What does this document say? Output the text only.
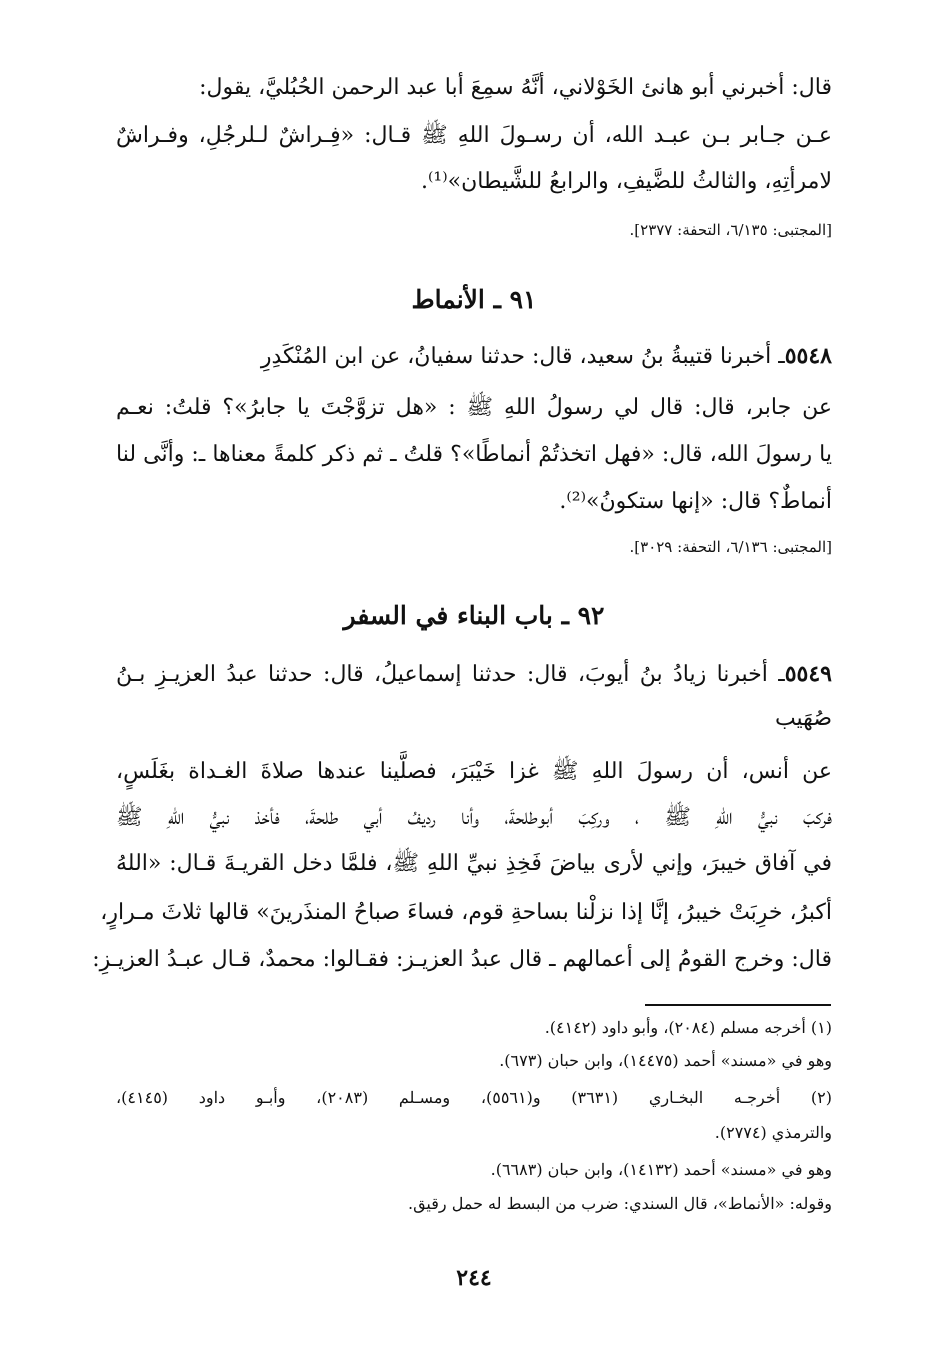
قال: أخبرني أبو هانئ الخَوْلاني، أنَّهُ سمِعَ أبا عبد الرحمن الحُبُليَّ، يقول:
عـن جـابر بـن عبـد الله، أن رسـولَ اللهِ ﷺ قـال: «فِـراشٌ لـلرجُلِ، وفـراشٌ
لامرأتِهِ، والثالثُ للضَّيفِ، والرابعُ للشَّيطان»⁽¹⁾.
[المجتبى: ٦/١٣٥، التحفة: ٢٣٧٧].
٩١ ـ الأنماط
٥٥٤٨ـ أخبرنا قتيبةُ بنُ سعيد، قال: حدثنا سفيانُ، عن ابن المُنْكَدِرِ
عن جابر، قال: قال لي رسولُ اللهِ ﷺ : «هل تزوَّجْتَ يا جابرُ»؟ قلتُ: نعـم
يا رسولَ الله، قال: «فهل اتخذتُمْ أنماطًا»؟ قلتُ ـ ثم ذكر كلمةً معناها ـ: وأنَّى لنا
أنماطٌ؟ قال: «إنها ستكونُ»⁽²⁾.
[المجتبى: ٦/١٣٦، التحفة: ٣٠٢٩].
٩٢ ـ باب البناء في السفر
٥٥٤٩ـ أخبرنا زيادُ بنُ أيوبَ، قال: حدثنا إسماعيلُ، قال: حدثنا عبدُ العزيـزِ بـنُ
صُهَيب
عن أنس، أن رسولَ اللهِ ﷺ غزا خَيْبَرَ، فصلَّينا عندها صلاةَ الغـداة بغَلَسٍ،
فركبَ نبيُّ اللهِ ﷺ ، وركِبَ أبوطلحةَ، وأنا رديفُ أبي طلحةَ، فأخذ نبيُّ اللهِ ﷺ
في آفاق خيبرَ، وإني لأرى بياضَ فَخِذِ نبيِّ اللهِ ﷺ، فلمَّا دخل القريـةَ قـال: «اللهُ
أكبرُ، خرِبَتْ خيبرُ، إنَّا إذا نزلْنا بساحةِ قوم، فساءَ صباحُ المنذَرينَ» قالها ثلاثَ مـرارٍ،
قال: وخرج القومُ إلى أعمالهم ـ قال عبدُ العزيـز: فقـالوا: محمدٌ، قـال عبـدُ العزيـزِ:
(١) أخرجه مسلم (٢٠٨٤)، وأبو داود (٤١٤٢).
وهو في «مسند» أحمد (١٤٤٧٥)، وابن حبان (٦٧٣).
(٢) أخرجـه البخـاري (٣٦٣١) و(٥٥٦١)، ومسـلم (٢٠٨٣)، وأبـو داود (٤١٤٥)،
والترمذي (٢٧٧٤).
وهو في «مسند» أحمد (١٤١٣٢)، وابن حبان (٦٦٨٣).
وقوله: «الأنماط»، قال السندي: ضرب من البسط له حمل رقيق.
٢٤٤
